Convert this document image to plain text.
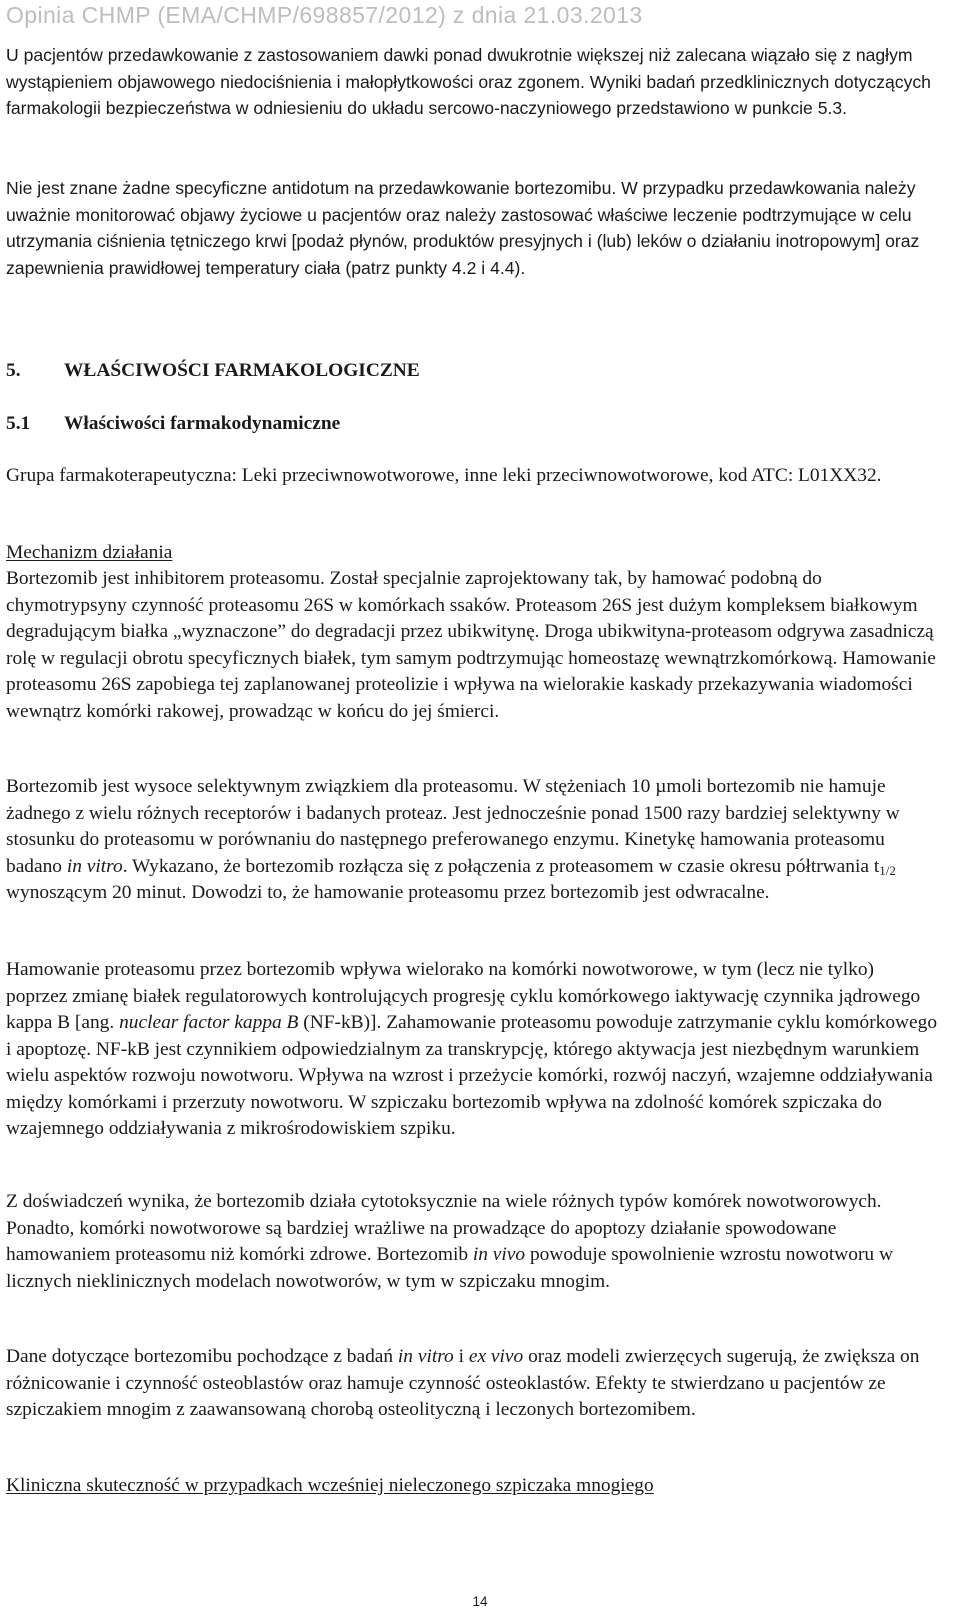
Opinia CHMP (EMA/CHMP/698857/2012) z dnia 21.03.2013

U pacjentów przedawkowanie z zastosowaniem dawki ponad dwukrotnie większej niż zalecana wiązało się z nagłym wystąpieniem objawowego niedociśnienia i małopłytkowości oraz zgonem. Wyniki badań przedklinicznych dotyczących farmakologii bezpieczeństwa w odniesieniu do układu sercowo-naczyniowego przedstawiono w punkcie 5.3.

Nie jest znane żadne specyficzne antidotum na przedawkowanie bortezomibu. W przypadku przedawkowania należy uważnie monitorować objawy życiowe u pacjentów oraz należy zastosować właściwe leczenie podtrzymujące w celu utrzymania ciśnienia tętniczego krwi [podaż płynów, produktów presyjnych i (lub) leków o działaniu inotropowym] oraz zapewnienia prawidłowej temperatury ciała (patrz punkty 4.2 i 4.4).

5. WŁAŚCIWOŚCI FARMAKOLOGICZNE
5.1 Właściwości farmakodynamiczne

Grupa farmakoterapeutyczna: Leki przeciwnowotworowe, inne leki przeciwnowotworowe, kod ATC: L01XX32.

Mechanizm działania

Bortezomib jest inhibitorem proteasomu. Został specjalnie zaprojektowany tak, by hamować podobną do chymotrypsyny czynność proteasomu 26S w komórkach ssaków. Proteasom 26S jest dużym kompleksem białkowym degradującym białka „wyznaczone” do degradacji przez ubikwitynę. Droga ubikwityna-proteasom odgrywa zasadniczą rolę w regulacji obrotu specyficznych białek, tym samym podtrzymując homeostazę wewnątrzkomórkową. Hamowanie proteasomu 26S zapobiega tej zaplanowanej proteolizie i wpływa na wielorakie kaskady przekazywania wiadomości wewnątrz komórki rakowej, prowadząc w końcu do jej śmierci.

Bortezomib jest wysoce selektywnym związkiem dla proteasomu. W stężeniach 10 µmoli bortezomib nie hamuje żadnego z wielu różnych receptorów i badanych proteaz. Jest jednocześnie ponad 1500 razy bardziej selektywny w stosunku do proteasomu w porównaniu do następnego preferowanego enzymu. Kinetykę hamowania proteasomu badano in vitro. Wykazano, że bortezomib rozłącza się z połączenia z proteasomem w czasie okresu półtrwania $t_{1/2}$ wynoszącym 20 minut. Dowodzi to, że hamowanie proteasomu przez bortezomib jest odwracalne.

Hamowanie proteasomu przez bortezomib wpływa wielorako na komórki nowotworowe, w tym (lecz nie tylko) poprzez zmianę białek regulatorowych kontrolujących progresję cyklu komórkowego iaktywację czynnika jądrowego kappa B [ang. nuclear factor kappa B (NF-kB)]. Zahamowanie proteasomu powoduje zatrzymanie cyklu komórkowego i apoptozę. NF-kB jest czynnikiem odpowiedzialnym za transkrypcję, którego aktywacja jest niezbędnym warunkiem wielu aspektów rozwoju nowotworu. Wpływa na wzrost i przeżycie komórki, rozwój naczyń, wzajemne oddziaływania między komórkami i przerzuty nowotworu. W szpiczaku bortezomib wpływa na zdolność komórek szpiczaka do wzajemnego oddziaływania z mikrośrodowiskiem szpiku.

Z doświadczeń wynika, że bortezomib działa cytotoksycznie na wiele różnych typów komórek nowotworowych. Ponadto, komórki nowotworowe są bardziej wrażliwe na prowadzące do apoptozy działanie spowodowane hamowaniem proteasomu niż komórki zdrowe. Bortezomib in vivo powoduje spowolnienie wzrostu nowotworu w licznych nieklinicznych modelach nowotworów, w tym w szpiczaku mnogim.

Dane dotyczące bortezomibu pochodzące z badań in vitro i ex vivo oraz modeli zwierzęcych sugerują, że zwiększa on różnicowanie i czynność osteoblastów oraz hamuje czynność osteoklastów. Efekty te stwierdzano u pacjentów ze szpiczakiem mnogim z zaawansowaną chorobą osteolityczną i leczonych bortezomibem.

Kliniczna skuteczność w przypadkach wcześniej nieleczonego szpiczaka mnogiego

14
